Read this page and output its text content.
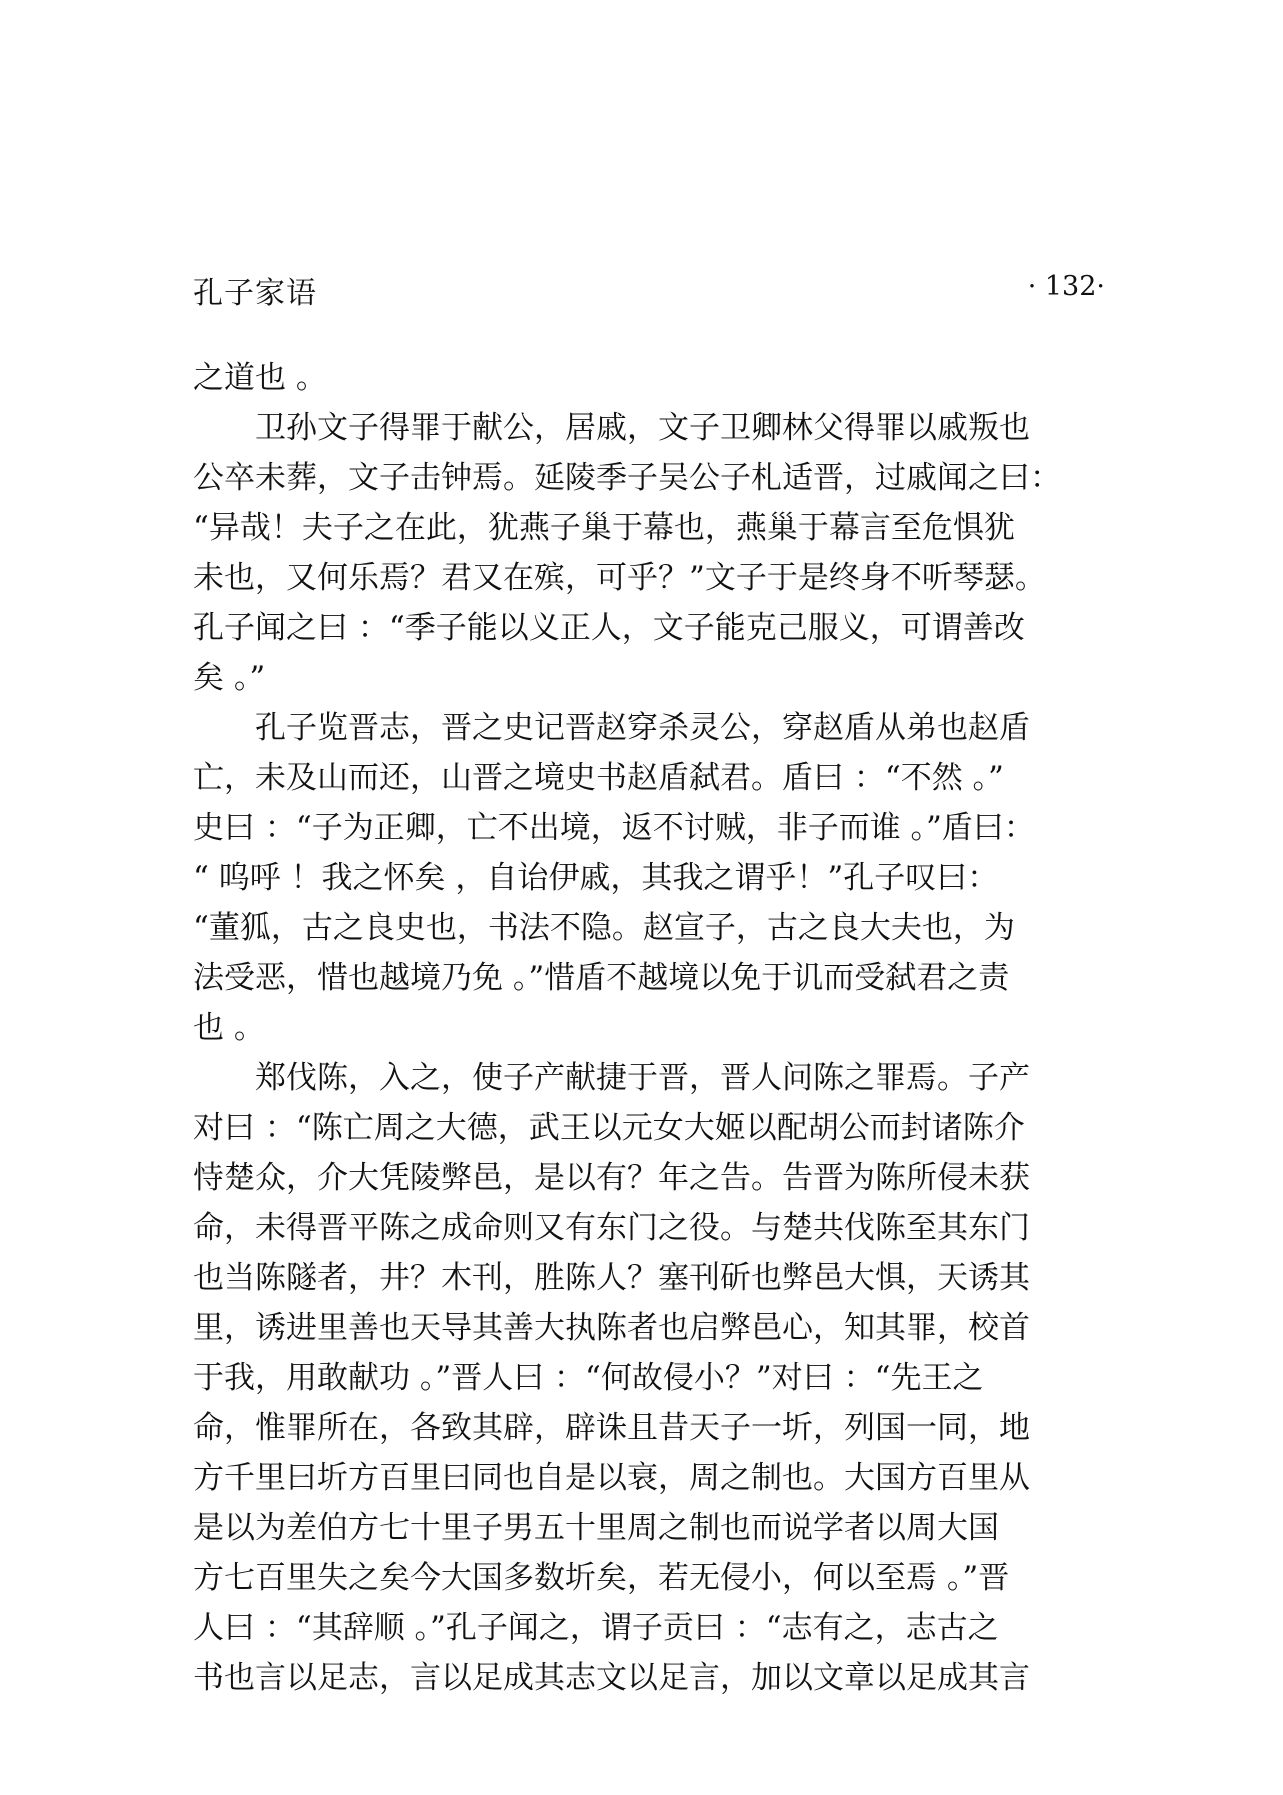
孔子家语	· 132·
之道也 。
　　卫孙文子得罪于献公，居戚，文子卫卿林父得罪以戚叛也
公卒未葬，文子击钟焉。延陵季子吴公子札适晋，过戚闻之曰：
“异哉！夫子之在此，犹燕子巢于幕也，燕巢于幕言至危惧犹
未也，又何乐焉？君又在殡，可乎？”文子于是终身不听琴瑟。
孔子闻之曰 ：“季子能以义正人，文子能克己服义，可谓善改
矣 。”
　　孔子览晋志，晋之史记晋赵穿杀灵公，穿赵盾从弟也赵盾
亡，未及山而还，山晋之境史书赵盾弑君。盾曰 ：“不然 。”
史曰 ：“子为正卿，亡不出境，返不讨贼，非子而谁 。”盾曰：
“ 呜呼 ！我之怀矣 ，自诒伊戚，其我之谓乎！”孔子叹曰：
“董狐，古之良史也，书法不隐。赵宣子，古之良大夫也，为
法受恶，惜也越境乃免 。”惜盾不越境以免于讥而受弑君之责
也 。
　　郑伐陈，入之，使子产献捷于晋，晋人问陈之罪焉。子产
对曰 ：“陈亡周之大德，武王以元女大姬以配胡公而封诸陈介
恃楚众，介大凭陵弊邑，是以有？年之告。告晋为陈所侵未获
命，未得晋平陈之成命则又有东门之役。与楚共伐陈至其东门
也当陈隧者，井？木刊，胜陈人？塞刊斫也弊邑大惧，天诱其
里，诱进里善也天导其善大执陈者也启弊邑心，知其罪，校首
于我，用敢献功 。”晋人曰 ：“何故侵小？”对曰 ：“先王之
命，惟罪所在，各致其辟，辟诛且昔天子一圻，列国一同，地
方千里曰圻方百里曰同也自是以衰，周之制也。大国方百里从
是以为差伯方七十里子男五十里周之制也而说学者以周大国
方七百里失之矣今大国多数圻矣，若无侵小，何以至焉 。”晋
人曰 ：“其辞顺 。”孔子闻之，谓子贡曰 ：“志有之，志古之
书也言以足志，言以足成其志文以足言，加以文章以足成其言
